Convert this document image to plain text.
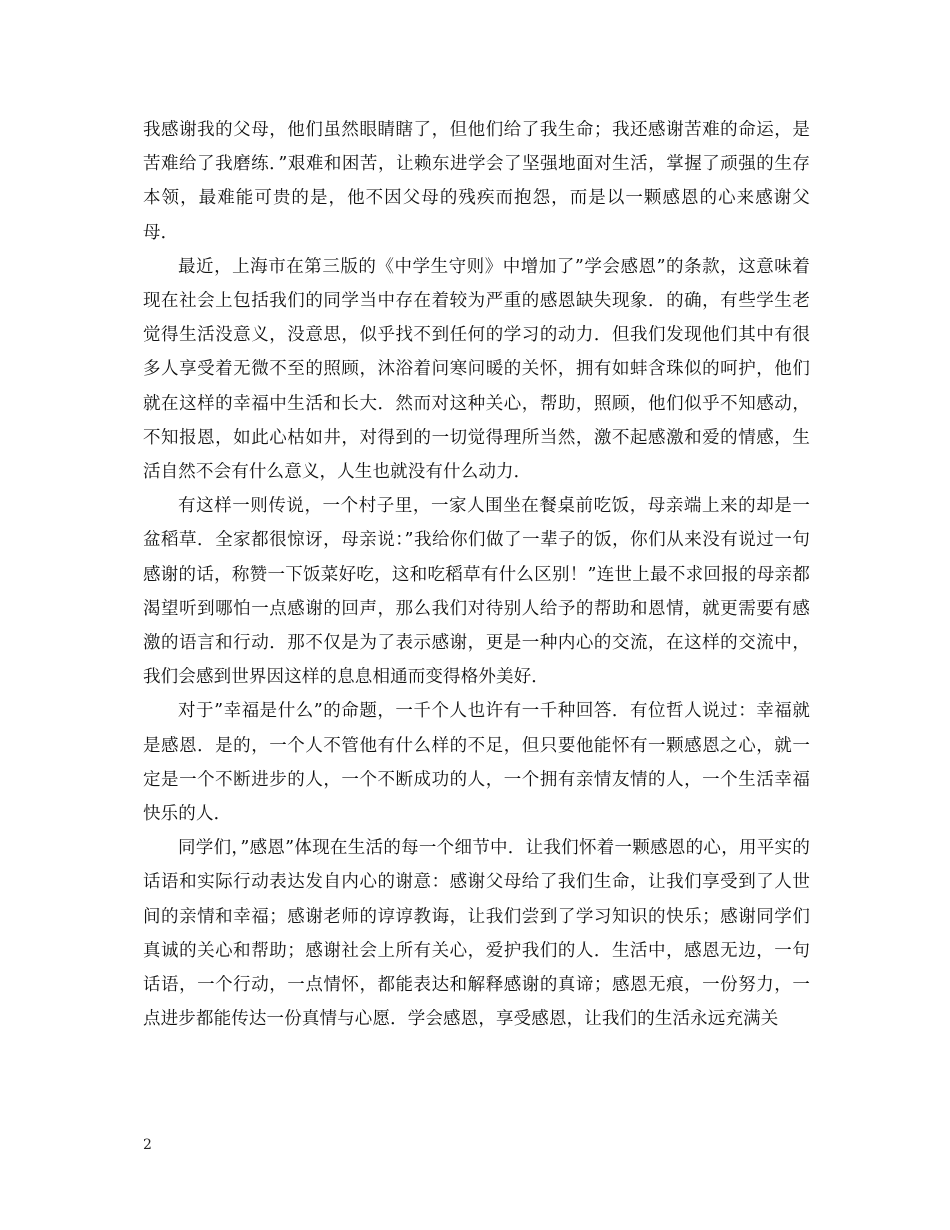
我感谢我的父母，他们虽然眼睛瞎了，但他们给了我生命；我还感谢苦难的命运，是苦难给了我磨练．”艰难和困苦，让赖东进学会了坚强地面对生活，掌握了顽强的生存本领，最难能可贵的是，他不因父母的残疾而抱怨，而是以一颗感恩的心来感谢父母．

最近，上海市在第三版的《中学生守则》中增加了”学会感恩”的条款，这意味着现在社会上包括我们的同学当中存在着较为严重的感恩缺失现象．的确，有些学生老觉得生活没意义，没意思，似乎找不到任何的学习的动力．但我们发现他们其中有很多人享受着无微不至的照顾，沐浴着问寒问暖的关怀，拥有如蚌含珠似的呵护，他们就在这样的幸福中生活和长大．然而对这种关心，帮助，照顾，他们似乎不知感动，不知报恩，如此心枯如井，对得到的一切觉得理所当然，激不起感激和爱的情感，生活自然不会有什么意义，人生也就没有什么动力．

有这样一则传说，一个村子里，一家人围坐在餐桌前吃饭，母亲端上来的却是一盆稻草．全家都很惊讶，母亲说：”我给你们做了一辈子的饭，你们从来没有说过一句感谢的话，称赞一下饭菜好吃，这和吃稻草有什么区别！”连世上最不求回报的母亲都渴望听到哪怕一点感谢的回声，那么我们对待别人给予的帮助和恩情，就更需要有感激的语言和行动．那不仅是为了表示感谢，更是一种内心的交流，在这样的交流中，我们会感到世界因这样的息息相通而变得格外美好．

对于”幸福是什么”的命题，一千个人也许有一千种回答．有位哲人说过：幸福就是感恩．是的，一个人不管他有什么样的不足，但只要他能怀有一颗感恩之心，就一定是一个不断进步的人，一个不断成功的人，一个拥有亲情友情的人，一个生活幸福快乐的人．

同学们，”感恩”体现在生活的每一个细节中．让我们怀着一颗感恩的心，用平实的话语和实际行动表达发自内心的谢意：感谢父母给了我们生命，让我们享受到了人世间的亲情和幸福；感谢老师的谆谆教诲，让我们尝到了学习知识的快乐；感谢同学们真诚的关心和帮助；感谢社会上所有关心，爱护我们的人．生活中，感恩无边，一句话语，一个行动，一点情怀，都能表达和解释感谢的真谛；感恩无痕，一份努力，一点进步都能传达一份真情与心愿．学会感恩，享受感恩，让我们的生活永远充满关

2
